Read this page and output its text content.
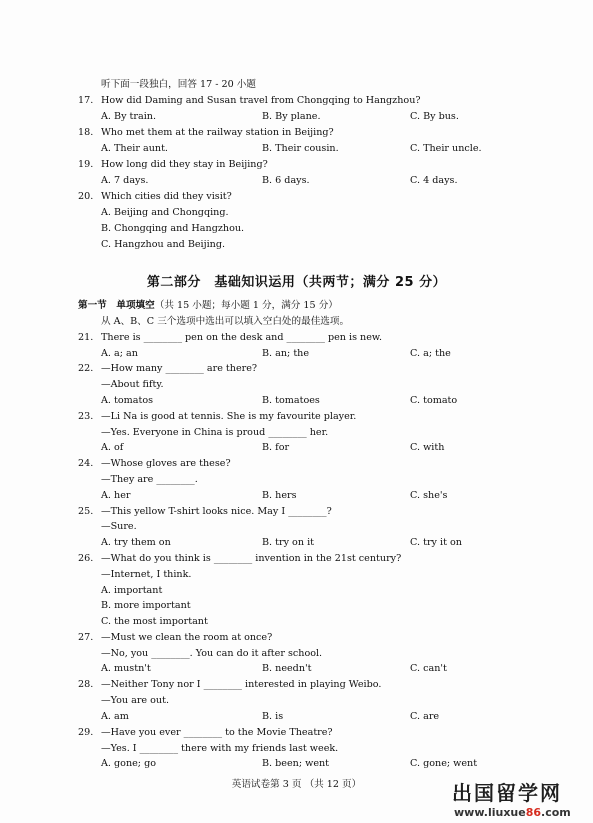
听下面一段独白，回答 17 - 20 小题
17. How did Daming and Susan travel from Chongqing to Hangzhou?
A. By train.	B. By plane.	C. By bus.
18. Who met them at the railway station in Beijing?
A. Their aunt.	B. Their cousin.	C. Their uncle.
19. How long did they stay in Beijing?
A. 7 days.	B. 6 days.	C. 4 days.
20. Which cities did they visit?
A. Beijing and Chongqing.
B. Chongqing and Hangzhou.
C. Hangzhou and Beijing.
第二部分　基础知识运用（共两节；满分 25 分）
第一节　单项填空（共 15 小题；每小题 1 分，满分 15 分）
从 A、B、C 三个选项中选出可以填入空白处的最佳选项。
21. There is ________ pen on the desk and ________ pen is new.
A. a; an	B. an; the	C. a; the
22. —How many ________ are there?
—About fifty.
A. tomatos	B. tomatoes	C. tomato
23. —Li Na is good at tennis. She is my favourite player.
—Yes. Everyone in China is proud ________ her.
A. of	B. for	C. with
24. —Whose gloves are these?
—They are ________.
A. her	B. hers	C. she's
25. —This yellow T-shirt looks nice. May I ________?
—Sure.
A. try them on	B. try on it	C. try it on
26. —What do you think is ________ invention in the 21st century?
—Internet, I think.
A. important
B. more important
C. the most important
27. —Must we clean the room at once?
—No, you ________. You can do it after school.
A. mustn't	B. needn't	C. can't
28. —Neither Tony nor I ________ interested in playing Weibo.
—You are out.
A. am	B. is	C. are
29. —Have you ever ________ to the Movie Theatre?
—Yes. I ________ there with my friends last week.
A. gone; go	B. been; went	C. gone; went
英语试卷第 3 页 （共 12 页）	出国留学网
www.liuxue86.com
